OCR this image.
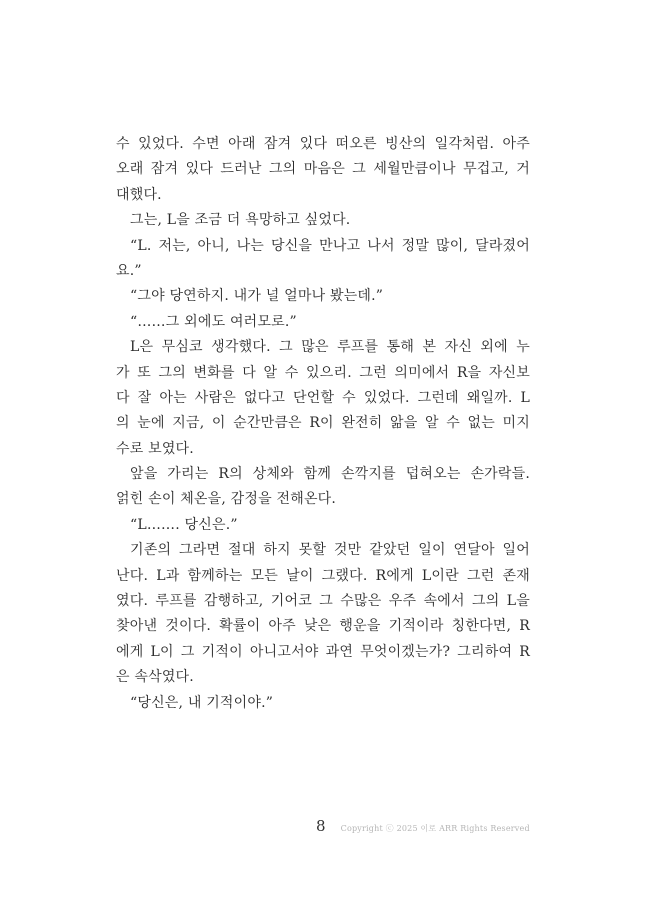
수 있었다. 수면 아래 잠겨 있다 떠오른 빙산의 일각처럼. 아주
오래 잠겨 있다 드러난 그의 마음은 그 세월만큼이나 무겁고, 거
대했다.
그는, L을 조금 더 욕망하고 싶었다.
“L. 저는, 아니, 나는 당신을 만나고 나서 정말 많이, 달라졌어
요.”
“그야 당연하지. 내가 널 얼마나 봤는데.”
“……그 외에도 여러모로.”
L은 무심코 생각했다. 그 많은 루프를 통해 본 자신 외에 누
가 또 그의 변화를 다 알 수 있으리. 그런 의미에서 R을 자신보
다 잘 아는 사람은 없다고 단언할 수 있었다. 그런데 왜일까. L
의 눈에 지금, 이 순간만큼은 R이 완전히 앎을 알 수 없는 미지
수로 보였다.
앞을 가리는 R의 상체와 함께 손깍지를 덥혀오는 손가락들.
얽힌 손이 체온을, 감정을 전해온다.
“L……. 당신은.”
기존의 그라면 절대 하지 못할 것만 같았던 일이 연달아 일어
난다. L과 함께하는 모든 날이 그랬다. R에게 L이란 그런 존재
였다. 루프를 감행하고, 기어코 그 수많은 우주 속에서 그의 L을
찾아낸 것이다. 확률이 아주 낮은 행운을 기적이라 칭한다면, R
에게 L이 그 기적이 아니고서야 과연 무엇이겠는가? 그리하여 R
은 속삭였다.
“당신은, 내 기적이야.”
8 Copyright ⓒ 2025 이로 ARR Rights Reserved
